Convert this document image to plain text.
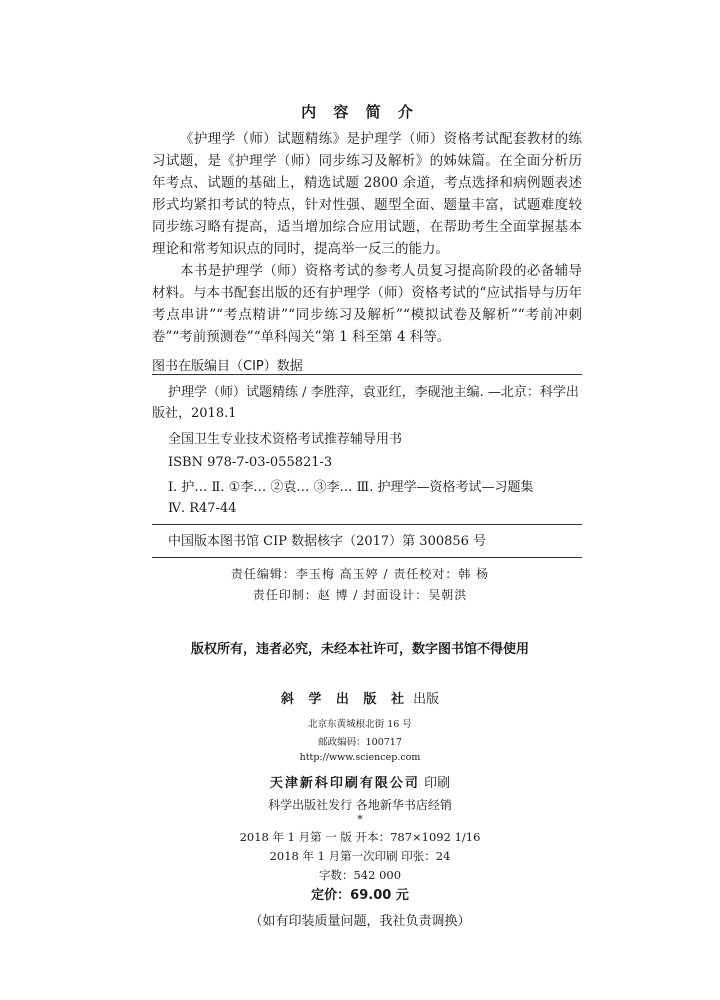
内 容 简 介

《护理学（师）试题精练》是护理学（师）资格考试配套教材的练习试题，是《护理学（师）同步练习及解析》的姊妹篇。在全面分析历年考点、试题的基础上，精选试题 2800 余道，考点选择和病例题表述形式均紧扣考试的特点，针对性强、题型全面、题量丰富，试题难度较同步练习略有提高，适当增加综合应用试题，在帮助考生全面掌握基本理论和常考知识点的同时，提高举一反三的能力。

本书是护理学（师）资格考试的参考人员复习提高阶段的必备辅导材料。与本书配套出版的还有护理学（师）资格考试的“应试指导与历年考点串讲”“考点精讲”“同步练习及解析”“模拟试卷及解析”“考前冲刺卷”“考前预测卷”“单科闯关”第 1 科至第 4 科等。

图书在版编目（CIP）数据

护理学（师）试题精练 / 李胜萍，袁亚红，李砚池主编. —北京：科学出版社，2018.1

全国卫生专业技术资格考试推荐辅导用书

ISBN 978-7-03-055821-3

Ⅰ. 护… Ⅱ. ①李… ②袁… ③李… Ⅲ. 护理学—资格考试—习题集

Ⅳ. R47-44

中国版本图书馆 CIP 数据核字（2017）第 300856 号
责任编辑：李玉梅 高玉婷 / 责任校对：韩 杨
责任印制：赵 博 / 封面设计：吴朝洪
版权所有，违者必究，未经本社许可，数字图书馆不得使用
斜 学 出 版 社 出版
北京东黄城根北街 16 号
邮政编码：100717
http://www.sciencep.com
天津新科印刷有限公司 印刷
科学出版社发行 各地新华书店经销
*
2018 年 1 月第 一 版 开本：787×1092 1/16
2018 年 1 月第一次印刷 印张：24
字数：542 000
定价：69.00 元
（如有印装质量问题，我社负责调换）
